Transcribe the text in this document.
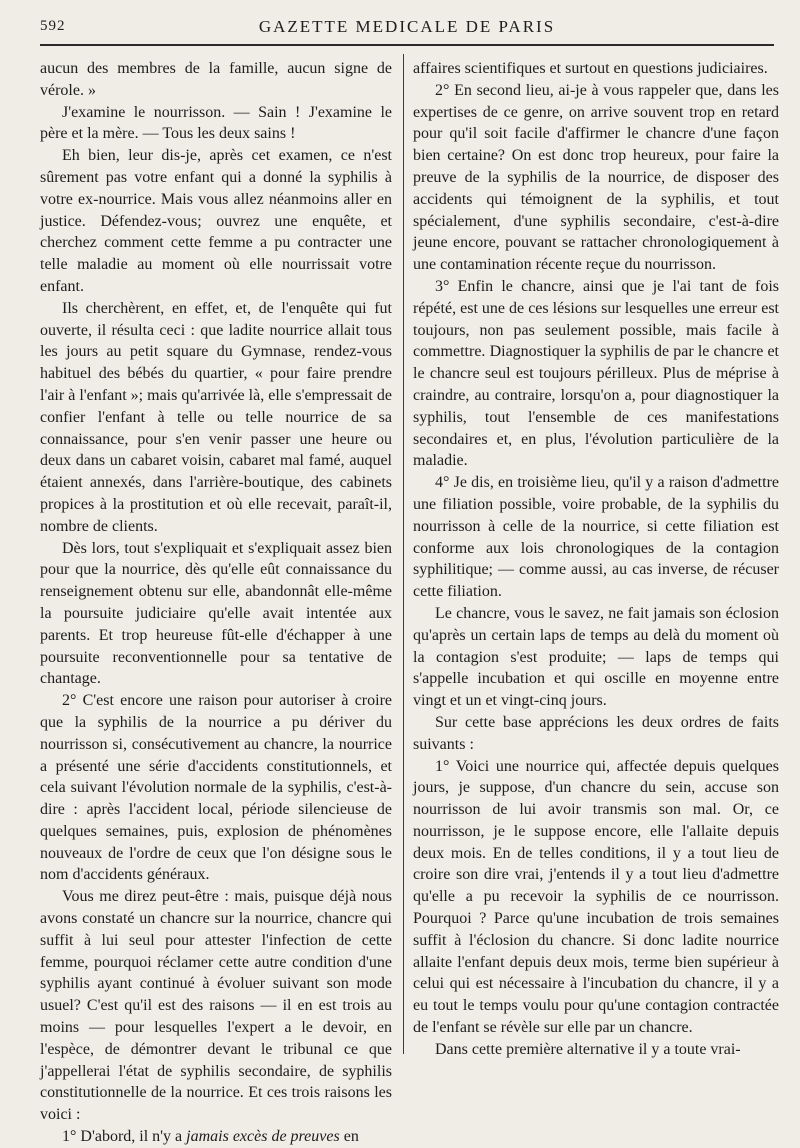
592	GAZETTE MEDICALE DE PARIS

aucun des membres de la famille, aucun signe de vérole. »

J'examine le nourrisson. — Sain ! J'examine le père et la mère. — Tous les deux sains !

Eh bien, leur dis-je, après cet examen, ce n'est sûrement pas votre enfant qui a donné la syphilis à votre ex-nourrice. Mais vous allez néanmoins aller en justice. Défendez-vous; ouvrez une enquête, et cherchez comment cette femme a pu contracter une telle maladie au moment où elle nourrissait votre enfant.

Ils cherchèrent, en effet, et, de l'enquête qui fut ouverte, il résulta ceci : que ladite nourrice allait tous les jours au petit square du Gymnase, rendez-vous habituel des bébés du quartier, « pour faire prendre l'air à l'enfant »; mais qu'arrivée là, elle s'empressait de confier l'enfant à telle ou telle nourrice de sa connaissance, pour s'en venir passer une heure ou deux dans un cabaret voisin, cabaret mal famé, auquel étaient annexés, dans l'arrière-boutique, des cabinets propices à la prostitution et où elle recevait, paraît-il, nombre de clients.

Dès lors, tout s'expliquait et s'expliquait assez bien pour que la nourrice, dès qu'elle eût connaissance du renseignement obtenu sur elle, abandonnât elle-même la poursuite judiciaire qu'elle avait intentée aux parents. Et trop heureuse fût-elle d'échapper à une poursuite reconventionnelle pour sa tentative de chantage.

2° C'est encore une raison pour autoriser à croire que la syphilis de la nourrice a pu dériver du nourrisson si, consécutivement au chancre, la nourrice a présenté une série d'accidents constitutionnels, et cela suivant l'évolution normale de la syphilis, c'est-à-dire : après l'accident local, période silencieuse de quelques semaines, puis, explosion de phénomènes nouveaux de l'ordre de ceux que l'on désigne sous le nom d'accidents généraux.

Vous me direz peut-être : mais, puisque déjà nous avons constaté un chancre sur la nourrice, chancre qui suffit à lui seul pour attester l'infection de cette femme, pourquoi réclamer cette autre condition d'une syphilis ayant continué à évoluer suivant son mode usuel? C'est qu'il est des raisons — il en est trois au moins — pour lesquelles l'expert a le devoir, en l'espèce, de démontrer devant le tribunal ce que j'appellerai l'état de syphilis secondaire, de syphilis constitutionnelle de la nourrice. Et ces trois raisons les voici :

1° D'abord, il n'y a jamais excès de preuves en

affaires scientifiques et surtout en questions judiciaires.

2° En second lieu, ai-je à vous rappeler que, dans les expertises de ce genre, on arrive souvent trop en retard pour qu'il soit facile d'affirmer le chancre d'une façon bien certaine? On est donc trop heureux, pour faire la preuve de la syphilis de la nourrice, de disposer des accidents qui témoignent de la syphilis, et tout spécialement, d'une syphilis secondaire, c'est-à-dire jeune encore, pouvant se rattacher chronologiquement à une contamination récente reçue du nourrisson.

3° Enfin le chancre, ainsi que je l'ai tant de fois répété, est une de ces lésions sur lesquelles une erreur est toujours, non pas seulement possible, mais facile à commettre. Diagnostiquer la syphilis de par le chancre et le chancre seul est toujours périlleux. Plus de méprise à craindre, au contraire, lorsqu'on a, pour diagnostiquer la syphilis, tout l'ensemble de ces manifestations secondaires et, en plus, l'évolution particulière de la maladie.

4° Je dis, en troisième lieu, qu'il y a raison d'admettre une filiation possible, voire probable, de la syphilis du nourrisson à celle de la nourrice, si cette filiation est conforme aux lois chronologiques de la contagion syphilitique; — comme aussi, au cas inverse, de récuser cette filiation.

Le chancre, vous le savez, ne fait jamais son éclosion qu'après un certain laps de temps au delà du moment où la contagion s'est produite; — laps de temps qui s'appelle incubation et qui oscille en moyenne entre vingt et un et vingt-cinq jours.

Sur cette base apprécions les deux ordres de faits suivants :

1° Voici une nourrice qui, affectée depuis quelques jours, je suppose, d'un chancre du sein, accuse son nourrisson de lui avoir transmis son mal. Or, ce nourrisson, je le suppose encore, elle l'allaite depuis deux mois. En de telles conditions, il y a tout lieu de croire son dire vrai, j'entends il y a tout lieu d'admettre qu'elle a pu recevoir la syphilis de ce nourrisson. Pourquoi ? Parce qu'une incubation de trois semaines suffit à l'éclosion du chancre. Si donc ladite nourrice allaite l'enfant depuis deux mois, terme bien supérieur à celui qui est nécessaire à l'incubation du chancre, il y a eu tout le temps voulu pour qu'une contagion contractée de l'enfant se révèle sur elle par un chancre.

Dans cette première alternative il y a toute vrai-
